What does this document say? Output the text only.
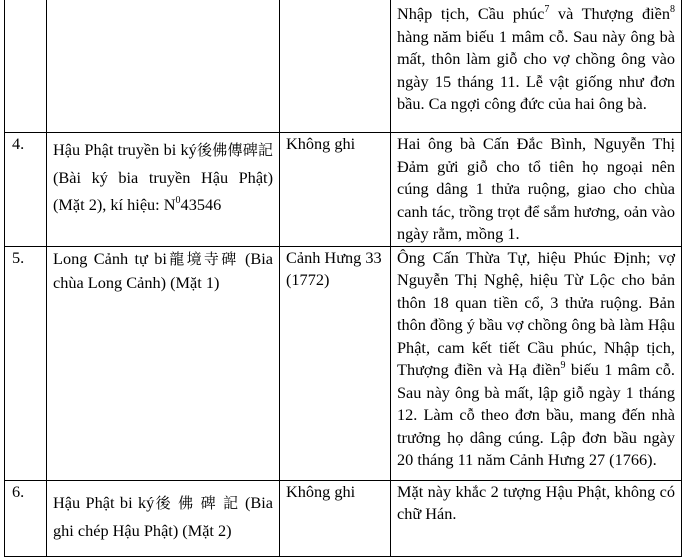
			Nhập tịch, Cầu phúc$^7$ và Thượng điền$^8$ hàng năm biếu 1 mâm cỗ. Sau này ông bà mất, thôn làm giỗ cho vợ chồng ông vào ngày 15 tháng 11. Lễ vật giống như đơn bầu. Ca ngợi công đức của hai ông bà.
4.	Hậu Phật truyền bi ký後佛傳碑記 (Bài ký bia truyền Hậu Phật) (Mặt 2), kí hiệu: $N^043546$	Không ghi	Hai ông bà Cấn Đắc Bình, Nguyễn Thị Đảm gửi giỗ cho tổ tiên họ ngoại nên cúng dâng 1 thửa ruộng, giao cho chùa canh tác, trồng trọt để sắm hương, oản vào ngày rằm, mồng 1.
5.	Long Cảnh tự bi龍境寺碑 (Bia chùa Long Cảnh) (Mặt 1)	Cảnh Hưng 33 (1772)	Ông Cấn Thừa Tự, hiệu Phúc Định; vợ Nguyễn Thị Nghệ, hiệu Từ Lộc cho bản thôn 18 quan tiền cổ, 3 thửa ruộng. Bản thôn đồng ý bầu vợ chồng ông bà làm Hậu Phật, cam kết tiết Cầu phúc, Nhập tịch, Thượng điền và Hạ điền$^9$ biếu 1 mâm cỗ. Sau này ông bà mất, lập giỗ ngày 1 tháng 12. Làm cỗ theo đơn bầu, mang đến nhà trưởng họ dâng cúng. Lập đơn bầu ngày 20 tháng 11 năm Cảnh Hưng 27 (1766).
6.	Hậu Phật bi ký後 佛 碑 記 (Bia ghi chép Hậu Phật) (Mặt 2)	Không ghi	Mặt này khắc 2 tượng Hậu Phật, không có chữ Hán.
